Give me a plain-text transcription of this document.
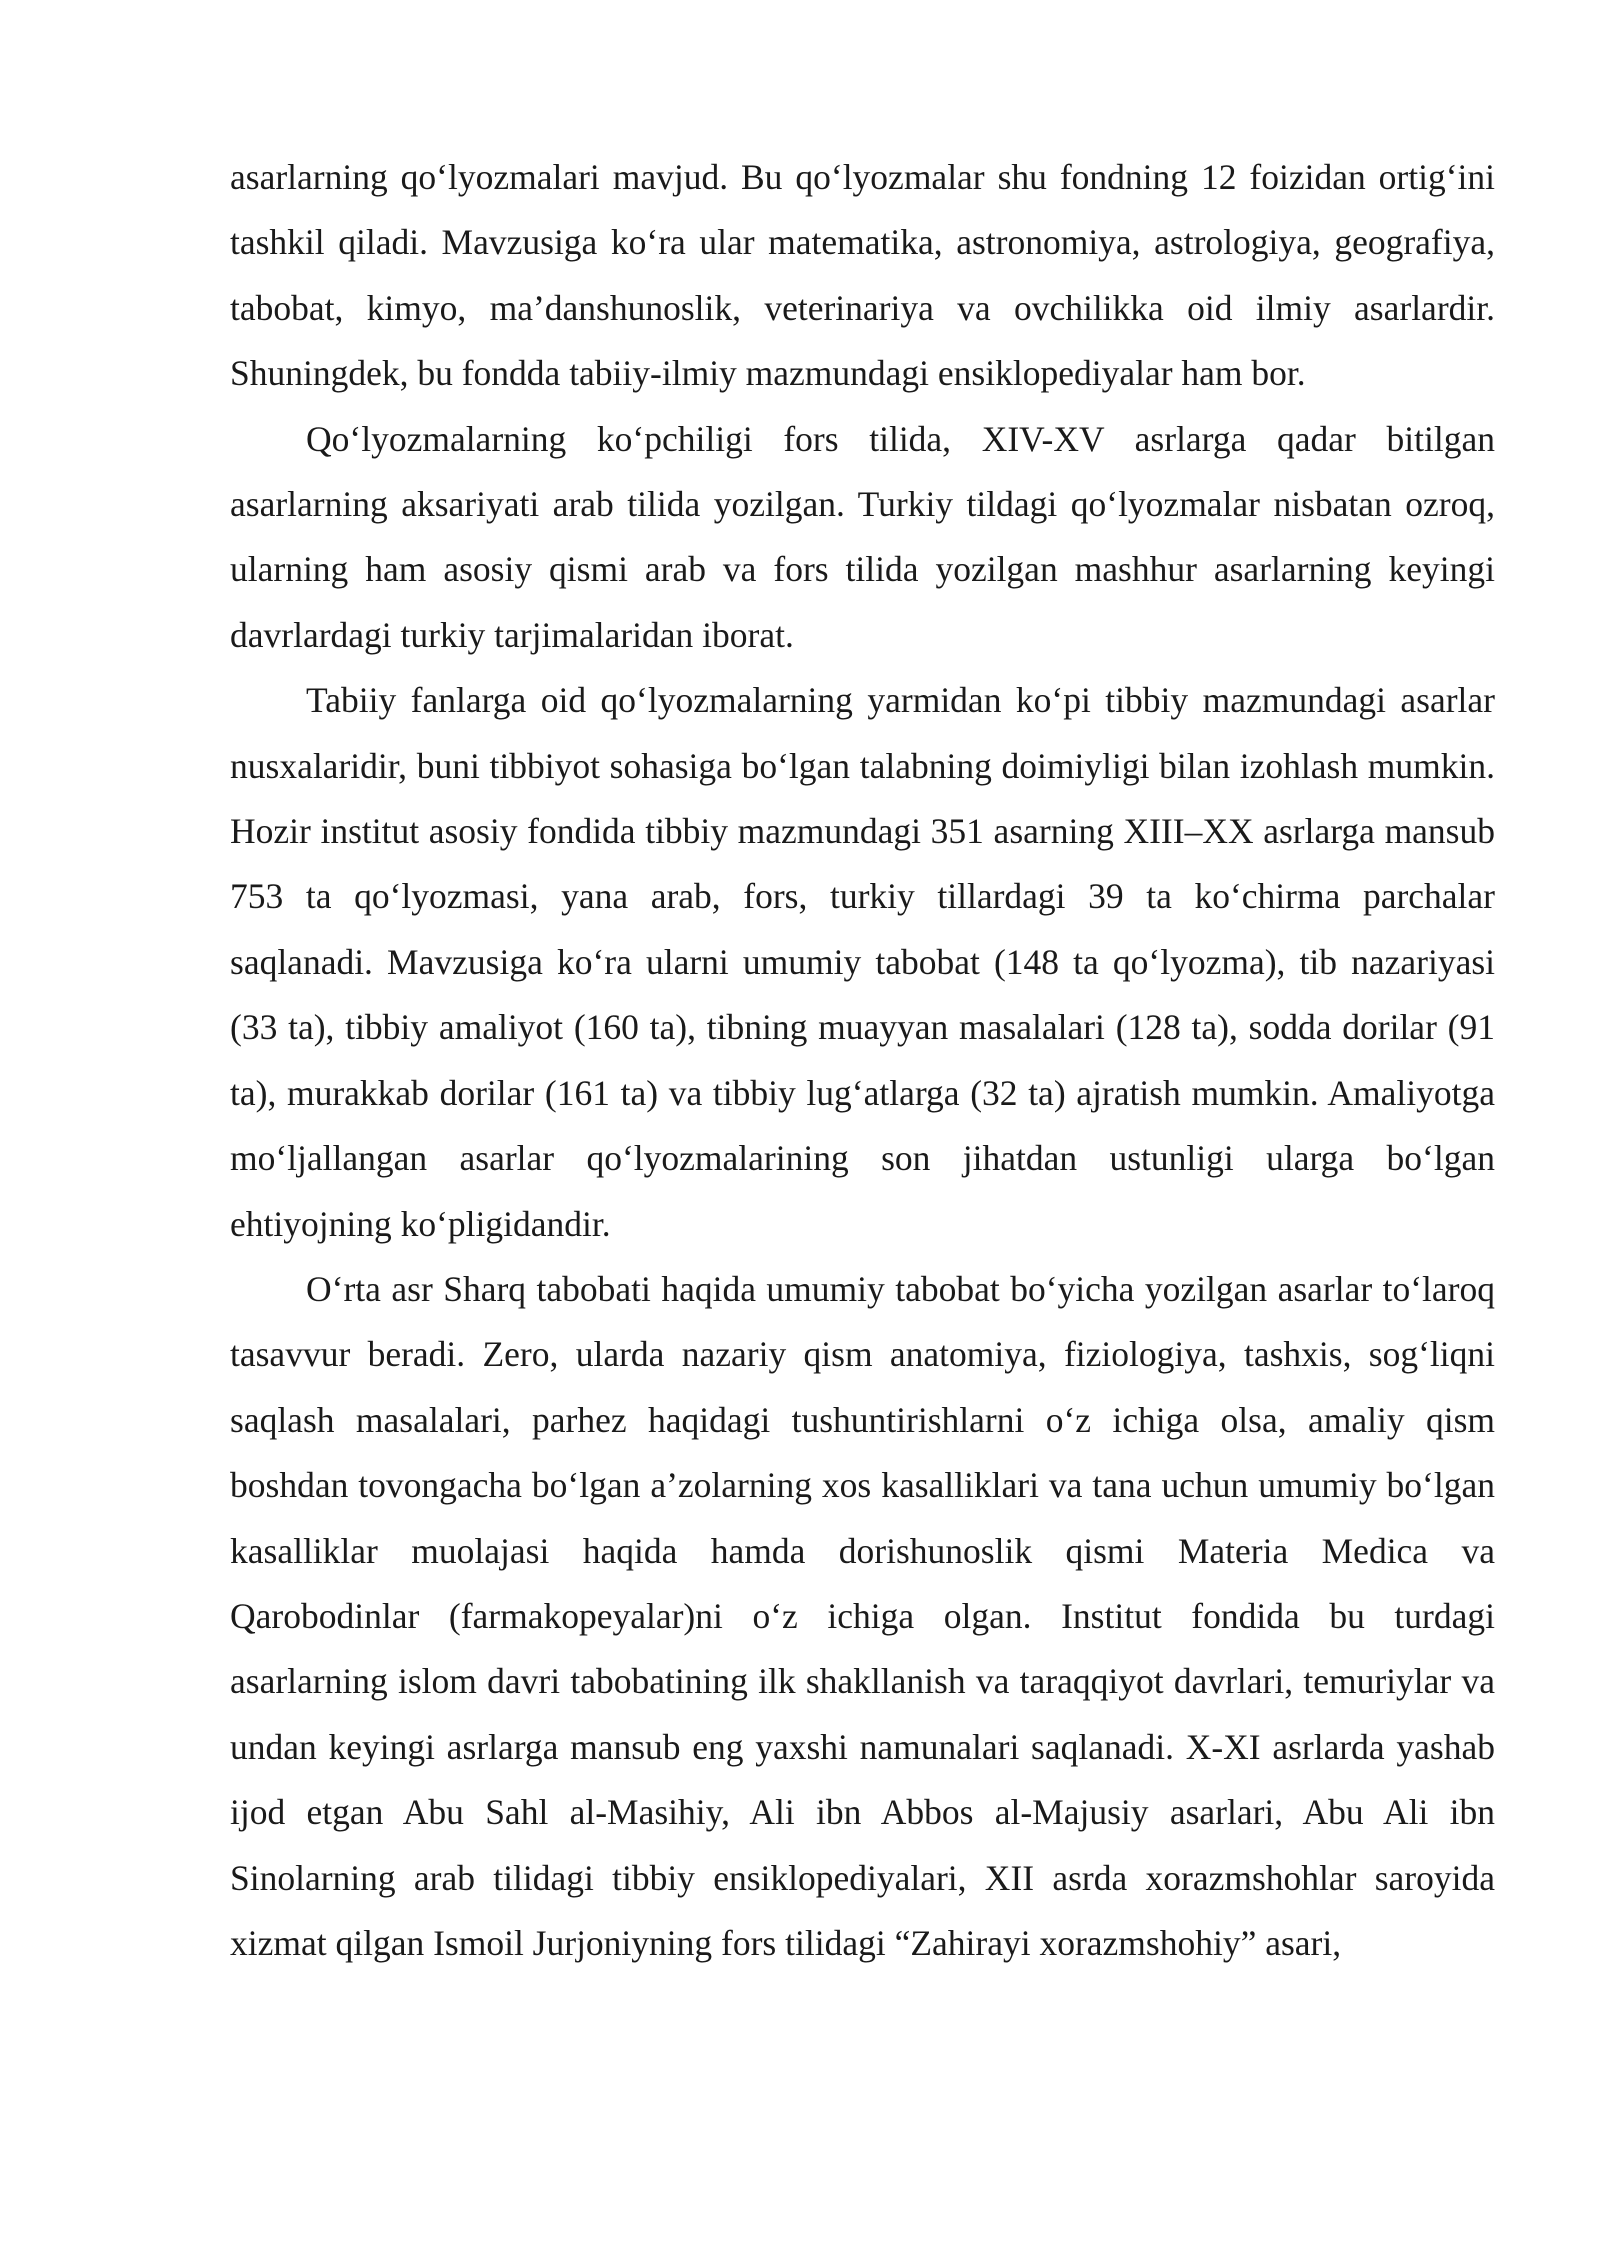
asarlarning qo‘lyozmalari mavjud. Bu qo‘lyozmalar shu fondning 12 foizidan ortig‘ini tashkil qiladi. Mavzusiga ko‘ra ular matematika, astronomiya, astrologiya, geografiya, tabobat, kimyo, ma’danshunoslik, veterinariya va ovchilikka oid ilmiy asarlardir. Shuningdek, bu fondda tabiiy-ilmiy mazmundagi ensiklopediyalar ham bor.

Qo‘lyozmalarning ko‘pchiligi fors tilida, XIV-XV asrlarga qadar bitilgan asarlarning aksariyati arab tilida yozilgan. Turkiy tildagi qo‘lyozmalar nisbatan ozroq, ularning ham asosiy qismi arab va fors tilida yozilgan mashhur asarlarning keyingi davrlardagi turkiy tarjimalaridan iborat.

Tabiiy fanlarga oid qo‘lyozmalarning yarmidan ko‘pi tibbiy mazmundagi asarlar nusxalaridir, buni tibbiyot sohasiga bo‘lgan talabning doimiyligi bilan izohlash mumkin. Hozir institut asosiy fondida tibbiy mazmundagi 351 asarning XIII–XX asrlarga mansub 753 ta qo‘lyozmasi, yana arab, fors, turkiy tillardagi 39 ta ko‘chirma parchalar saqlanadi. Mavzusiga ko‘ra ularni umumiy tabobat (148 ta qo‘lyozma), tib nazariyasi (33 ta), tibbiy amaliyot (160 ta), tibning muayyan masalalari (128 ta), sodda dorilar (91 ta), murakkab dorilar (161 ta) va tibbiy lug‘atlarga (32 ta) ajratish mumkin. Amaliyotga mo‘ljallangan asarlar qo‘lyozmalarining son jihatdan ustunligi ularga bo‘lgan ehtiyojning ko‘pligidandir.

O‘rta asr Sharq tabobati haqida umumiy tabobat bo‘yicha yozilgan asarlar to‘laroq tasavvur beradi. Zero, ularda nazariy qism anatomiya, fiziologiya, tashxis, sog‘liqni saqlash masalalari, parhez haqidagi tushuntirishlarni o‘z ichiga olsa, amaliy qism boshdan tovongacha bo‘lgan a’zolarning xos kasalliklari va tana uchun umumiy bo‘lgan kasalliklar muolajasi haqida hamda dorishunoslik qismi Materia Medica va Qarobodinlar (farmakopeyalar)ni o‘z ichiga olgan. Institut fondida bu turdagi asarlarning islom davri tabobatining ilk shakllanish va taraqqiyot davrlari, temuriylar va undan keyingi asrlarga mansub eng yaxshi namunalari saqlanadi. X-XI asrlarda yashab ijod etgan Abu Sahl al-Masihiy, Ali ibn Abbos al-Majusiy asarlari, Abu Ali ibn Sinolarning arab tilidagi tibbiy ensiklopediyalari, XII asrda xorazmshohlar saroyida xizmat qilgan Ismoil Jurjoniyning fors tilidagi “Zahirayi xorazmshohiy” asari,
